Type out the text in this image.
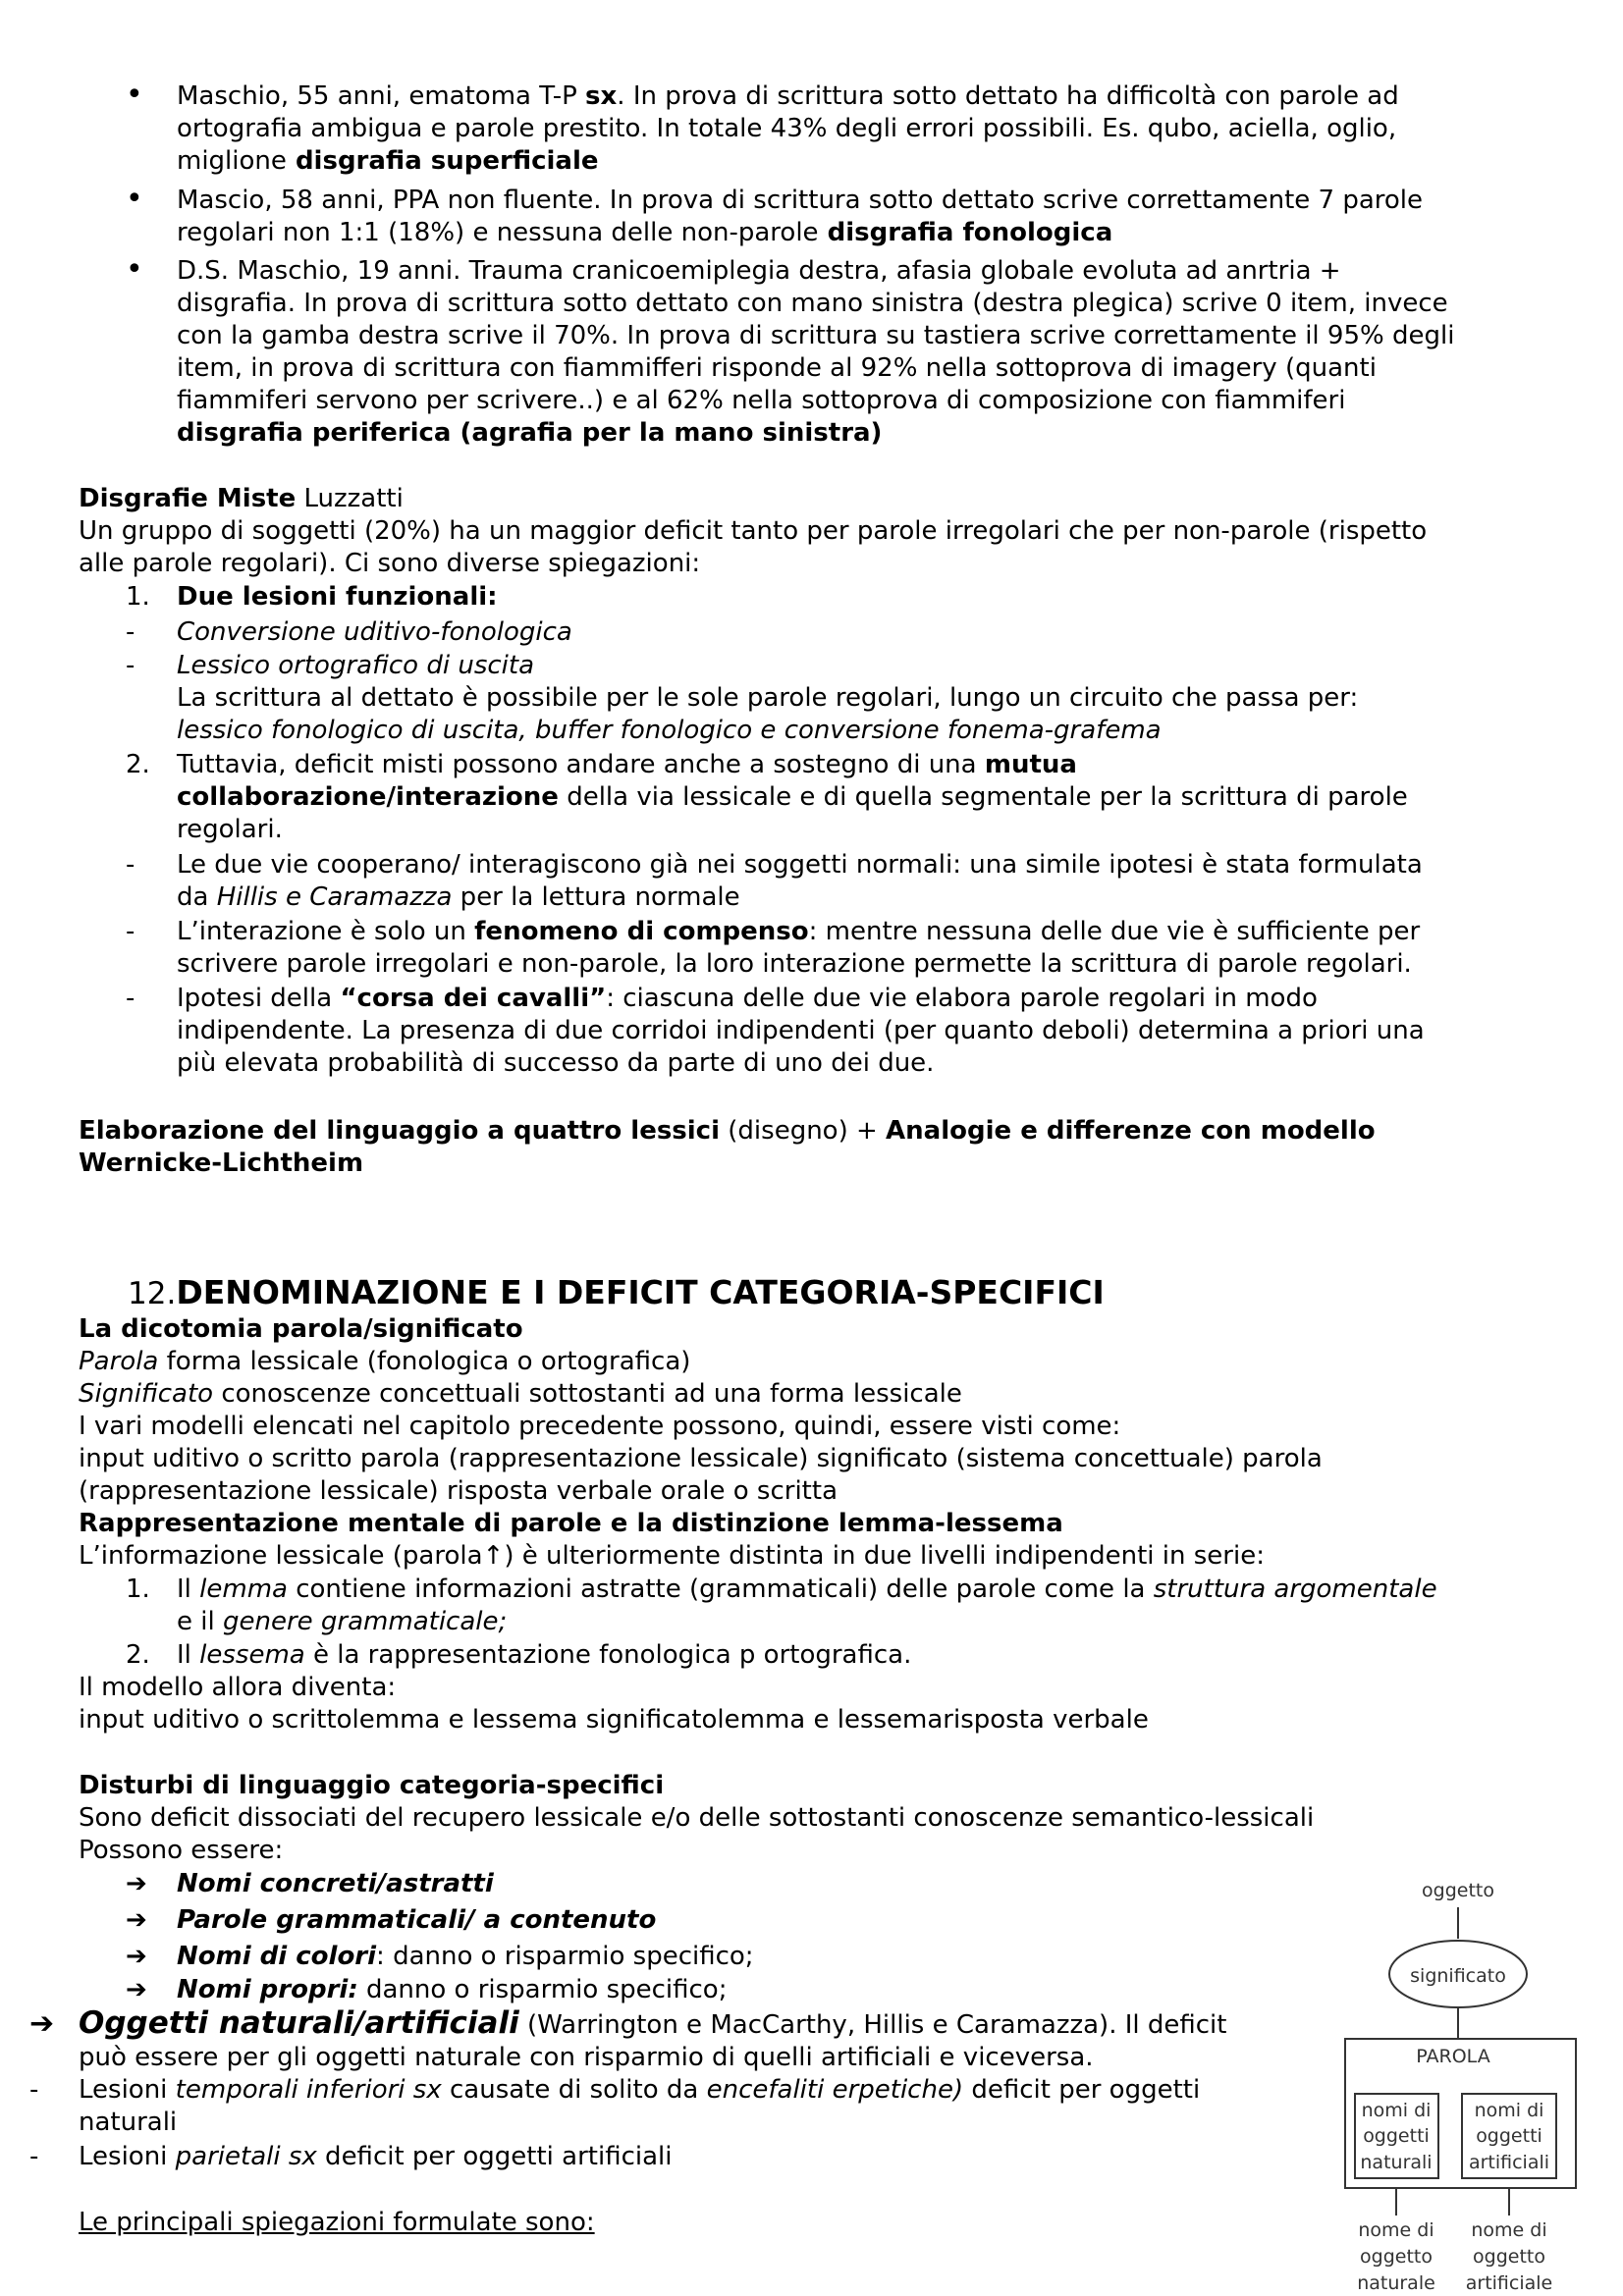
• Maschio, 55 anni, ematoma T-P sx. In prova di scrittura sotto dettato ha difficoltà con parole ad
ortografia ambigua e parole prestito. In totale 43% degli errori possibili. Es. qubo, aciella, oglio,
miglione disgrafia superficiale

• Mascio, 58 anni, PPA non fluente. In prova di scrittura sotto dettato scrive correttamente 7 parole
regolari non 1:1 (18%) e nessuna delle non-parole disgrafia fonologica

• D.S. Maschio, 19 anni. Trauma cranicoemiplegia destra, afasia globale evoluta ad anrtria +
disgrafia. In prova di scrittura sotto dettato con mano sinistra (destra plegica) scrive 0 item, invece
con la gamba destra scrive il 70%. In prova di scrittura su tastiera scrive correttamente il 95% degli
item, in prova di scrittura con fiammifferi risponde al 92% nella sottoprova di imagery (quanti
fiammiferi servono per scrivere..) e al 62% nella sottoprova di composizione con fiammiferi
disgrafia periferica (agrafia per la mano sinistra)

Disgrafie Miste Luzzatti
Un gruppo di soggetti (20%) ha un maggior deficit tanto per parole irregolari che per non-parole (rispetto
alle parole regolari). Ci sono diverse spiegazioni:

1.	Due lesioni funzionali:

- Conversione uditivo-fonologica

- Lessico ortografico di uscita
La scrittura al dettato è possibile per le sole parole regolari, lungo un circuito che passa per:
lessico fonologico di uscita, buffer fonologico e conversione fonema-grafema

2.	Tuttavia, deficit misti possono andare anche a sostegno di una mutua
collaborazione/interazione della via lessicale e di quella segmentale per la scrittura di parole
regolari.

- Le due vie cooperano/ interagiscono già nei soggetti normali: una simile ipotesi è stata formulata
da Hillis e Caramazza per la lettura normale

- L’interazione è solo un fenomeno di compenso: mentre nessuna delle due vie è sufficiente per
scrivere parole irregolari e non-parole, la loro interazione permette la scrittura di parole regolari.

- Ipotesi della “corsa dei cavalli”: ciascuna delle due vie elabora parole regolari in modo
indipendente. La presenza di due corridoi indipendenti (per quanto deboli) determina a priori una
più elevata probabilità di successo da parte di uno dei due.

Elaborazione del linguaggio a quattro lessici (disegno) + Analogie e differenze con modello
Wernicke-Lichtheim

12.DENOMINAZIONE E I DEFICIT CATEGORIA-SPECIFICI

La dicotomia parola/significato
Parola forma lessicale (fonologica o ortografica)
Significato conoscenze concettuali sottostanti ad una forma lessicale
I vari modelli elencati nel capitolo precedente possono, quindi, essere visti come:
input uditivo o scritto parola (rappresentazione lessicale) significato (sistema concettuale) parola
(rappresentazione lessicale) risposta verbale orale o scritta
Rappresentazione mentale di parole e la distinzione lemma-lessema
L’informazione lessicale (parola↑) è ulteriormente distinta in due livelli indipendenti in serie:

1.	Il lemma contiene informazioni astratte (grammaticali) delle parole come la struttura argomentale
e il genere grammaticale;

2.	Il lessema è la rappresentazione fonologica p ortografica.

Il modello allora diventa:
input uditivo o scrittolemma e lessema significatolemma e lessemarisposta verbale

Disturbi di linguaggio categoria-specifici
Sono deficit dissociati del recupero lessicale e/o delle sottostanti conoscenze semantico-lessicali
Possono essere:

➔ Nomi concreti/astratti

➔ Parole grammaticali/ a contenuto

➔ Nomi di colori: danno o risparmio specifico;

➔ Nomi propri: danno o risparmio specifico;

➔ Oggetti naturali/artificiali (Warrington e MacCarthy, Hillis e Caramazza). Il deficit
può essere per gli oggetti naturale con risparmio di quelli artificiali e viceversa.

- Lesioni temporali inferiori sx causate di solito da encefaliti erpetiche) deficit per oggetti
naturali

- Lesioni parietali sx deficit per oggetti artificiali

Le principali spiegazioni formulate sono:

oggetto
significato
PAROLA
nomi di
oggetti
naturali
nomi di
oggetti
artificiali
nome di
oggetto
naturale
nome di
oggetto
artificiale
